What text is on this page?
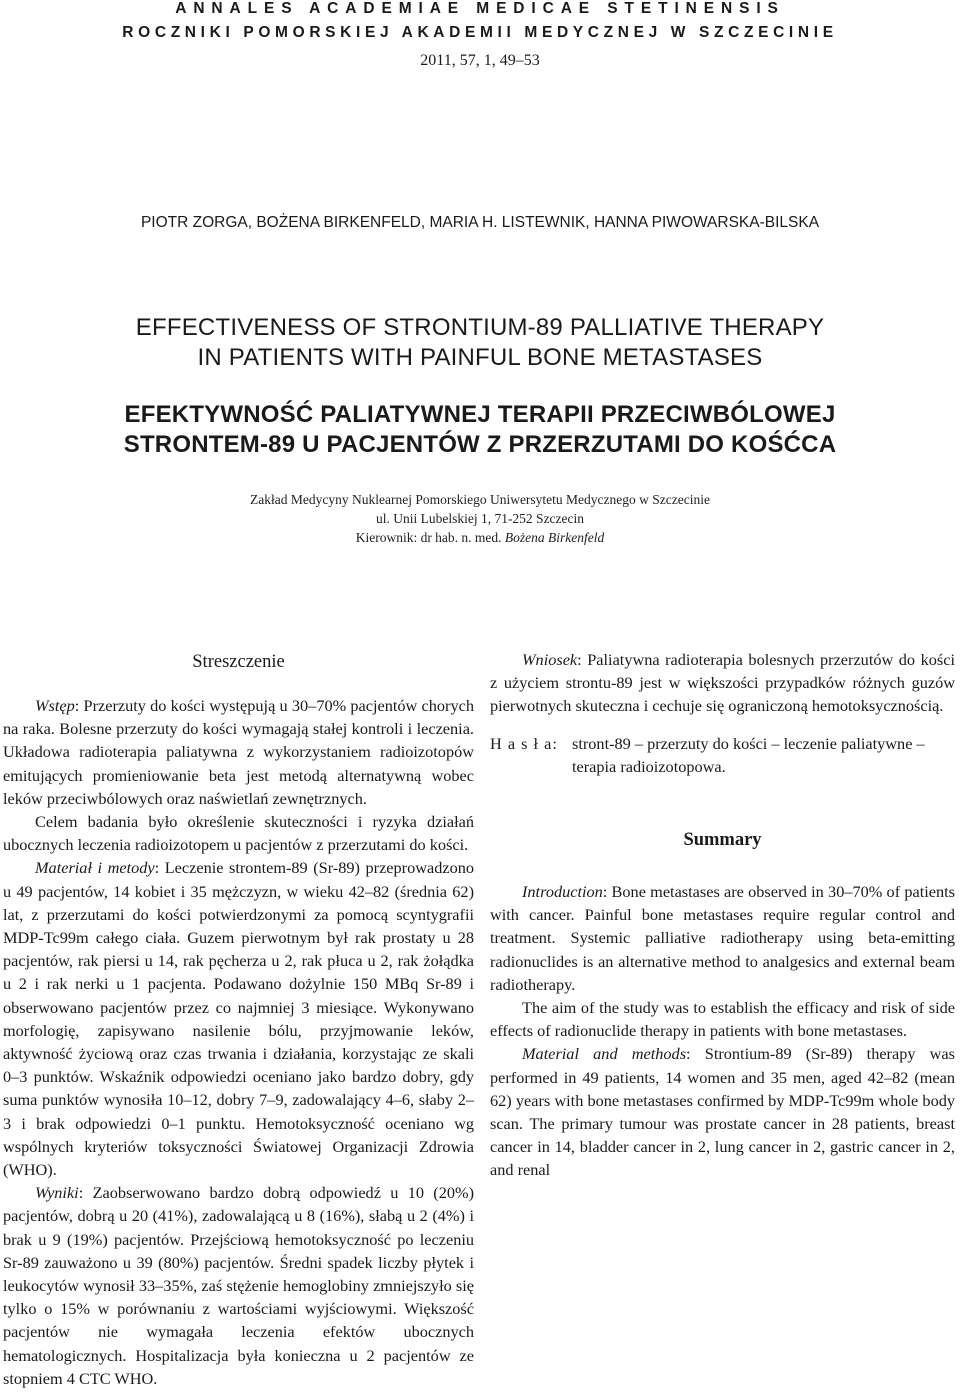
ANNALES ACADEMIAE MEDICAE STETINENSIS
ROCZNIKI POMORSKIEJ AKADEMII MEDYCZNEJ W SZCZECINIE
2011, 57, 1, 49–53
PIOTR ZORGA, BOŻENA BIRKENFELD, MARIA H. LISTEWNIK, HANNA PIWOWARSKA-BILSKA
EFFECTIVENESS OF STRONTIUM-89 PALLIATIVE THERAPY
IN PATIENTS WITH PAINFUL BONE METASTASES
EFEKTYWNOŚĆ PALIATYWNEJ TERAPII PRZECIWBÓLOWEJ
STRONTEM-89 U PACJENTÓW Z PRZERZUTAMI DO KOŚĆCA
Zakład Medycyny Nuklearnej Pomorskiego Uniwersytetu Medycznego w Szczecinie
ul. Unii Lubelskiej 1, 71-252 Szczecin
Kierownik: dr hab. n. med. Bożena Birkenfeld
Streszczenie

Wstęp: Przerzuty do kości występują u 30–70% pacjentów chorych na raka. Bolesne przerzuty do kości wymagają stałej kontroli i leczenia. Układowa radioterapia paliatywna z wykorzystaniem radioizotopów emitujących promieniowanie beta jest metodą alternatywną wobec leków przeciwbólowych oraz naświetlań zewnętrznych.

Celem badania było określenie skuteczności i ryzyka działań ubocznych leczenia radioizotopem u pacjentów z przerzutami do kości.

Materiał i metody: Leczenie strontem-89 (Sr-89) przeprowadzono u 49 pacjentów, 14 kobiet i 35 mężczyzn, w wieku 42–82 (średnia 62) lat, z przerzutami do kości potwierdzonymi za pomocą scyntygrafii MDP-Tc99m całego ciała. Guzem pierwotnym był rak prostaty u 28 pacjentów, rak piersi u 14, rak pęcherza u 2, rak płuca u 2, rak żołądka u 2 i rak nerki u 1 pacjenta. Podawano dożylnie 150 MBq Sr-89 i obserwowano pacjentów przez co najmniej 3 miesiące. Wykonywano morfologię, zapisywano nasilenie bólu, przyjmowanie leków, aktywność życiową oraz czas trwania i działania, korzystając ze skali 0–3 punktów. Wskaźnik odpowiedzi oceniano jako bardzo dobry, gdy suma punktów wynosiła 10–12, dobry 7–9, zadowalający 4–6, słaby 2–3 i brak odpowiedzi 0–1 punktu. Hemotoksyczność oceniano wg wspólnych kryteriów toksyczności Światowej Organizacji Zdrowia (WHO).

Wyniki: Zaobserwowano bardzo dobrą odpowiedź u 10 (20%) pacjentów, dobrą u 20 (41%), zadowalającą u 8 (16%), słabą u 2 (4%) i brak u 9 (19%) pacjentów. Przejściową hemotoksyczność po leczeniu Sr-89 zauważono u 39 (80%) pacjentów. Średni spadek liczby płytek i leukocytów wynosił 33–35%, zaś stężenie hemoglobiny zmniejszyło się tylko o 15% w porównaniu z wartościami wyjściowymi. Większość pacjentów nie wymagała leczenia efektów ubocznych hematologicznych. Hospitalizacja była konieczna u 2 pacjentów ze stopniem 4 CTC WHO.

Wniosek: Paliatywna radioterapia bolesnych przerzutów do kości z użyciem strontu-89 jest w większości przypadków różnych guzów pierwotnych skuteczna i cechuje się ograniczoną hemotoksycznością.

H a s ł a: stront-89 – przerzuty do kości – leczenie paliatywne – terapia radioizotopowa.
Summary

Introduction: Bone metastases are observed in 30–70% of patients with cancer. Painful bone metastases require regular control and treatment. Systemic palliative radiotherapy using beta-emitting radionuclides is an alternative method to analgesics and external beam radiotherapy.

The aim of the study was to establish the efficacy and risk of side effects of radionuclide therapy in patients with bone metastases.

Material and methods: Strontium-89 (Sr-89) therapy was performed in 49 patients, 14 women and 35 men, aged 42–82 (mean 62) years with bone metastases confirmed by MDP-Tc99m whole body scan. The primary tumour was prostate cancer in 28 patients, breast cancer in 14, bladder cancer in 2, lung cancer in 2, gastric cancer in 2, and renal
